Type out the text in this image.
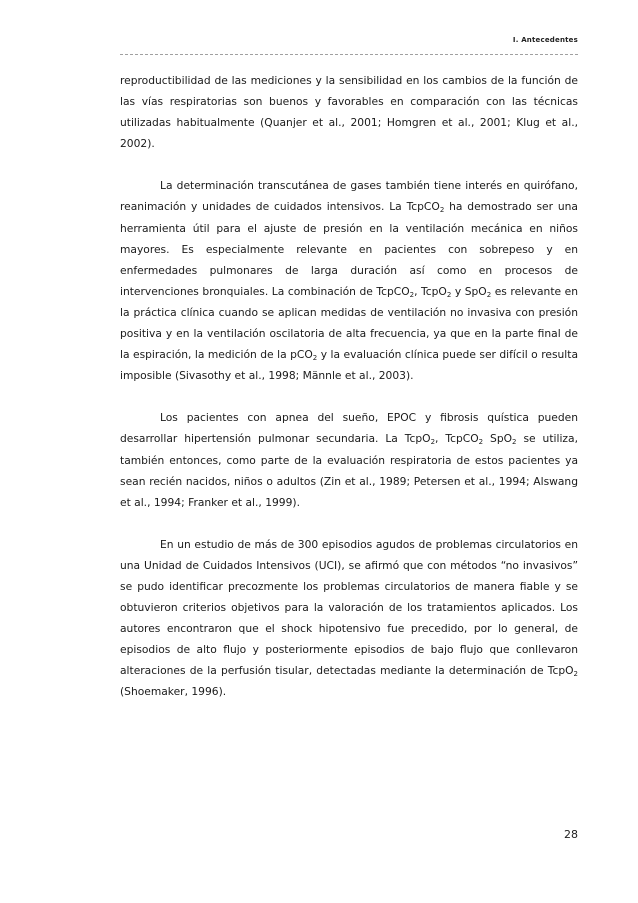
I. Antecedentes

reproductibilidad de las mediciones y la sensibilidad en los cambios de la función de las vías respiratorias son buenos y favorables en comparación con las técnicas utilizadas habitualmente (Quanjer et al., 2001; Homgren et al., 2001; Klug et al., 2002).

La determinación transcutánea de gases también tiene interés en quirófano, reanimación y unidades de cuidados intensivos. La TcpCO$_2$ ha demostrado ser una herramienta útil para el ajuste de presión en la ventilación mecánica en niños mayores. Es especialmente relevante en pacientes con sobrepeso y en enfermedades pulmonares de larga duración así como en procesos de intervenciones bronquiales. La combinación de TcpCO$_2$, TcpO$_2$ y SpO$_2$ es relevante en la práctica clínica cuando se aplican medidas de ventilación no invasiva con presión positiva y en la ventilación oscilatoria de alta frecuencia, ya que en la parte final de la espiración, la medición de la pCO$_2$ y la evaluación clínica puede ser difícil o resulta imposible (Sivasothy et al., 1998; Männle et al., 2003).

Los pacientes con apnea del sueño, EPOC y fibrosis quística pueden desarrollar hipertensión pulmonar secundaria. La TcpO$_2$, TcpCO$_2$ SpO$_2$ se utiliza, también entonces, como parte de la evaluación respiratoria de estos pacientes ya sean recién nacidos, niños o adultos (Zin et al., 1989; Petersen et al., 1994; Alswang et al., 1994; Franker et al., 1999).

En un estudio de más de 300 episodios agudos de problemas circulatorios en una Unidad de Cuidados Intensivos (UCI), se afirmó que con métodos “no invasivos” se pudo identificar precozmente los problemas circulatorios de manera fiable y se obtuvieron criterios objetivos para la valoración de los tratamientos aplicados. Los autores encontraron que el shock hipotensivo fue precedido, por lo general, de episodios de alto flujo y posteriormente episodios de bajo flujo que conllevaron alteraciones de la perfusión tisular, detectadas mediante la determinación de TcpO$_2$ (Shoemaker, 1996).

28
